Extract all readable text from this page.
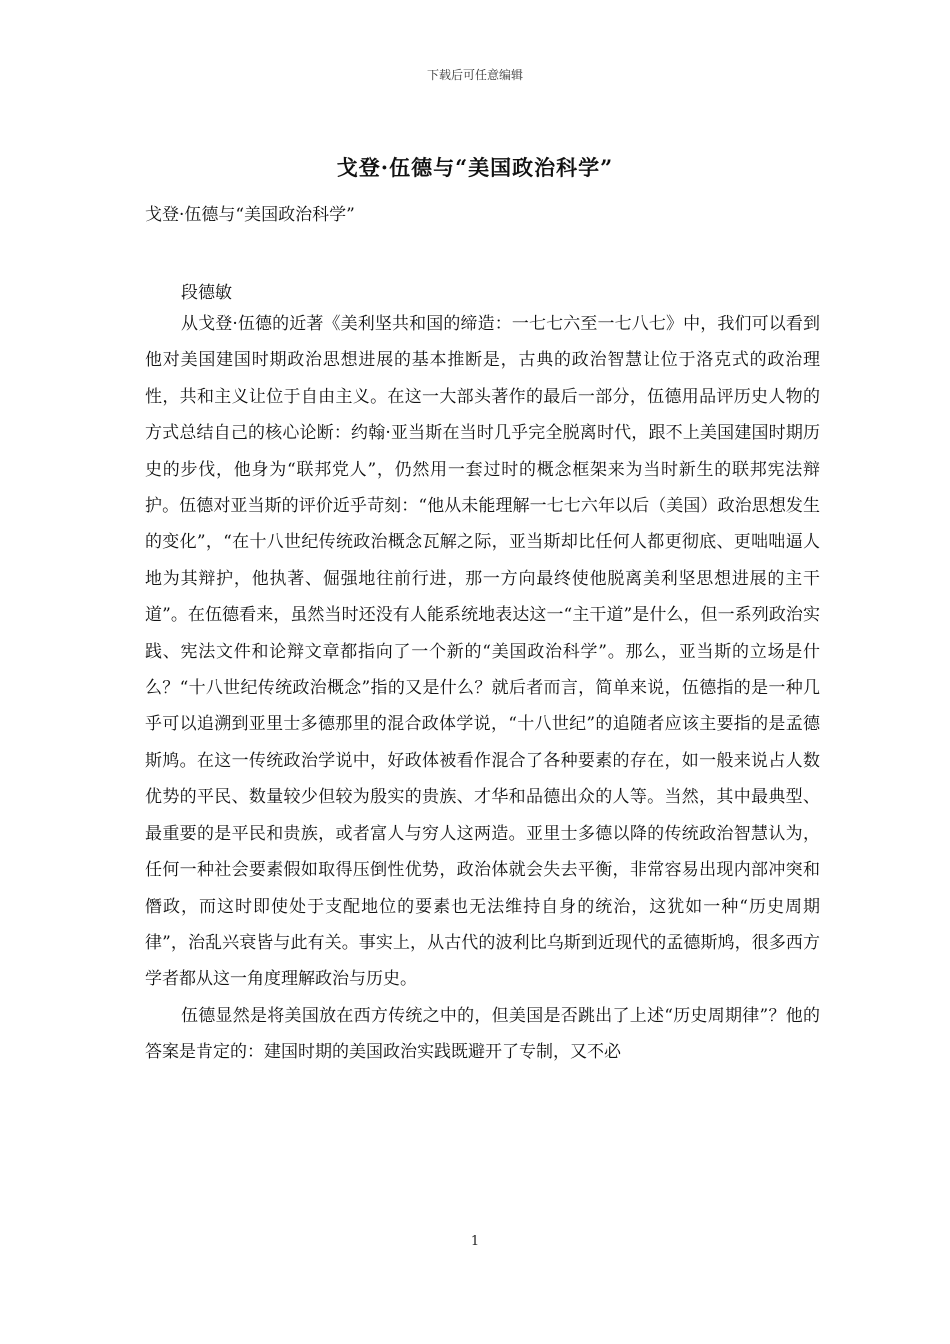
下载后可任意编辑
戈登·伍德与“美国政治科学”
戈登·伍德与“美国政治科学”
段德敏

从戈登·伍德的近著《美利坚共和国的缔造：一七七六至一七八七》中，我们可以看到他对美国建国时期政治思想进展的基本推断是，古典的政治智慧让位于洛克式的政治理性，共和主义让位于自由主义。在这一大部头著作的最后一部分，伍德用品评历史人物的方式总结自己的核心论断：约翰·亚当斯在当时几乎完全脱离时代，跟不上美国建国时期历史的步伐，他身为“联邦党人”，仍然用一套过时的概念框架来为当时新生的联邦宪法辩护。伍德对亚当斯的评价近乎苛刻：“他从未能理解一七七六年以后（美国）政治思想发生的变化”，“在十八世纪传统政治概念瓦解之际，亚当斯却比任何人都更彻底、更咄咄逼人地为其辩护，他执著、倔强地往前行进，那一方向最终使他脱离美利坚思想进展的主干道”。在伍德看来，虽然当时还没有人能系统地表达这一“主干道”是什么，但一系列政治实践、宪法文件和论辩文章都指向了一个新的“美国政治科学”。那么，亚当斯的立场是什么？“十八世纪传统政治概念”指的又是什么？就后者而言，简单来说，伍德指的是一种几乎可以追溯到亚里士多德那里的混合政体学说，“十八世纪”的追随者应该主要指的是孟德斯鸠。在这一传统政治学说中，好政体被看作混合了各种要素的存在，如一般来说占人数优势的平民、数量较少但较为殷实的贵族、才华和品德出众的人等。当然，其中最典型、最重要的是平民和贵族，或者富人与穷人这两造。亚里士多德以降的传统政治智慧认为，任何一种社会要素假如取得压倒性优势，政治体就会失去平衡，非常容易出现内部冲突和僭政，而这时即使处于支配地位的要素也无法维持自身的统治，这犹如一种“历史周期律”，治乱兴衰皆与此有关。事实上，从古代的波利比乌斯到近现代的孟德斯鸠，很多西方学者都从这一角度理解政治与历史。

伍德显然是将美国放在西方传统之中的，但美国是否跳出了上述“历史周期律”？他的答案是肯定的：建国时期的美国政治实践既避开了专制，又不必

1
